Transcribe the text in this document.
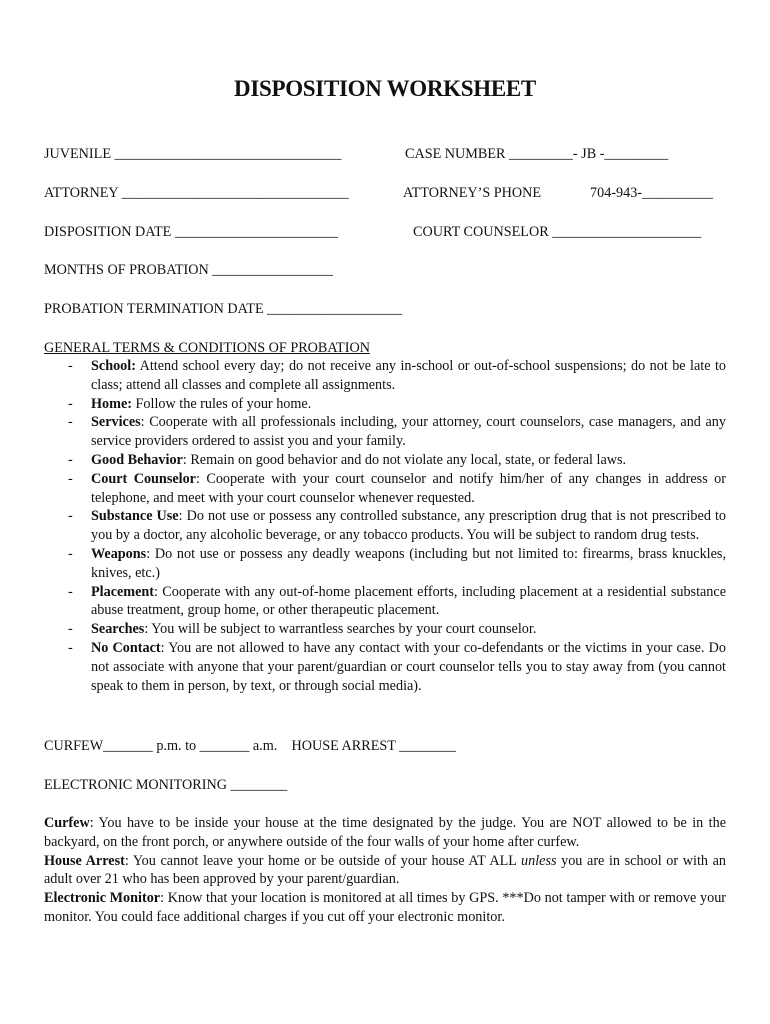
DISPOSITION WORKSHEET
JUVENILE ________________________________	CASE NUMBER _________- JB -_________
ATTORNEY ________________________________	ATTORNEY’S PHONE	704-943-__________
DISPOSITION DATE _______________________	COURT COUNSELOR _____________________
MONTHS OF PROBATION _________________
PROBATION TERMINATION DATE ___________________
GENERAL TERMS & CONDITIONS OF PROBATION
- School: Attend school every day; do not receive any in-school or out-of-school suspensions; do not be late to class; attend all classes and complete all assignments.
- Home: Follow the rules of your home.
- Services: Cooperate with all professionals including, your attorney, court counselors, case managers, and any service providers ordered to assist you and your family.
- Good Behavior: Remain on good behavior and do not violate any local, state, or federal laws.
- Court Counselor: Cooperate with your court counselor and notify him/her of any changes in address or telephone, and meet with your court counselor whenever requested.
- Substance Use: Do not use or possess any controlled substance, any prescription drug that is not prescribed to you by a doctor, any alcoholic beverage, or any tobacco products. You will be subject to random drug tests.
- Weapons: Do not use or possess any deadly weapons (including but not limited to: firearms, brass knuckles, knives, etc.)
- Placement: Cooperate with any out-of-home placement efforts, including placement at a residential substance abuse treatment, group home, or other therapeutic placement.
- Searches: You will be subject to warrantless searches by your court counselor.
- No Contact: You are not allowed to have any contact with your co-defendants or the victims in your case. Do not associate with anyone that your parent/guardian or court counselor tells you to stay away from (you cannot speak to them in person, by text, or through social media).
CURFEW_______ p.m. to _______ a.m.    HOUSE ARREST ________
ELECTRONIC MONITORING ________

Curfew: You have to be inside your house at the time designated by the judge. You are NOT allowed to be in the backyard, on the front porch, or anywhere outside of the four walls of your home after curfew.

House Arrest: You cannot leave your home or be outside of your house AT ALL unless you are in school or with an adult over 21 who has been approved by your parent/guardian.

Electronic Monitor: Know that your location is monitored at all times by GPS. ***Do not tamper with or remove your monitor. You could face additional charges if you cut off your electronic monitor.
